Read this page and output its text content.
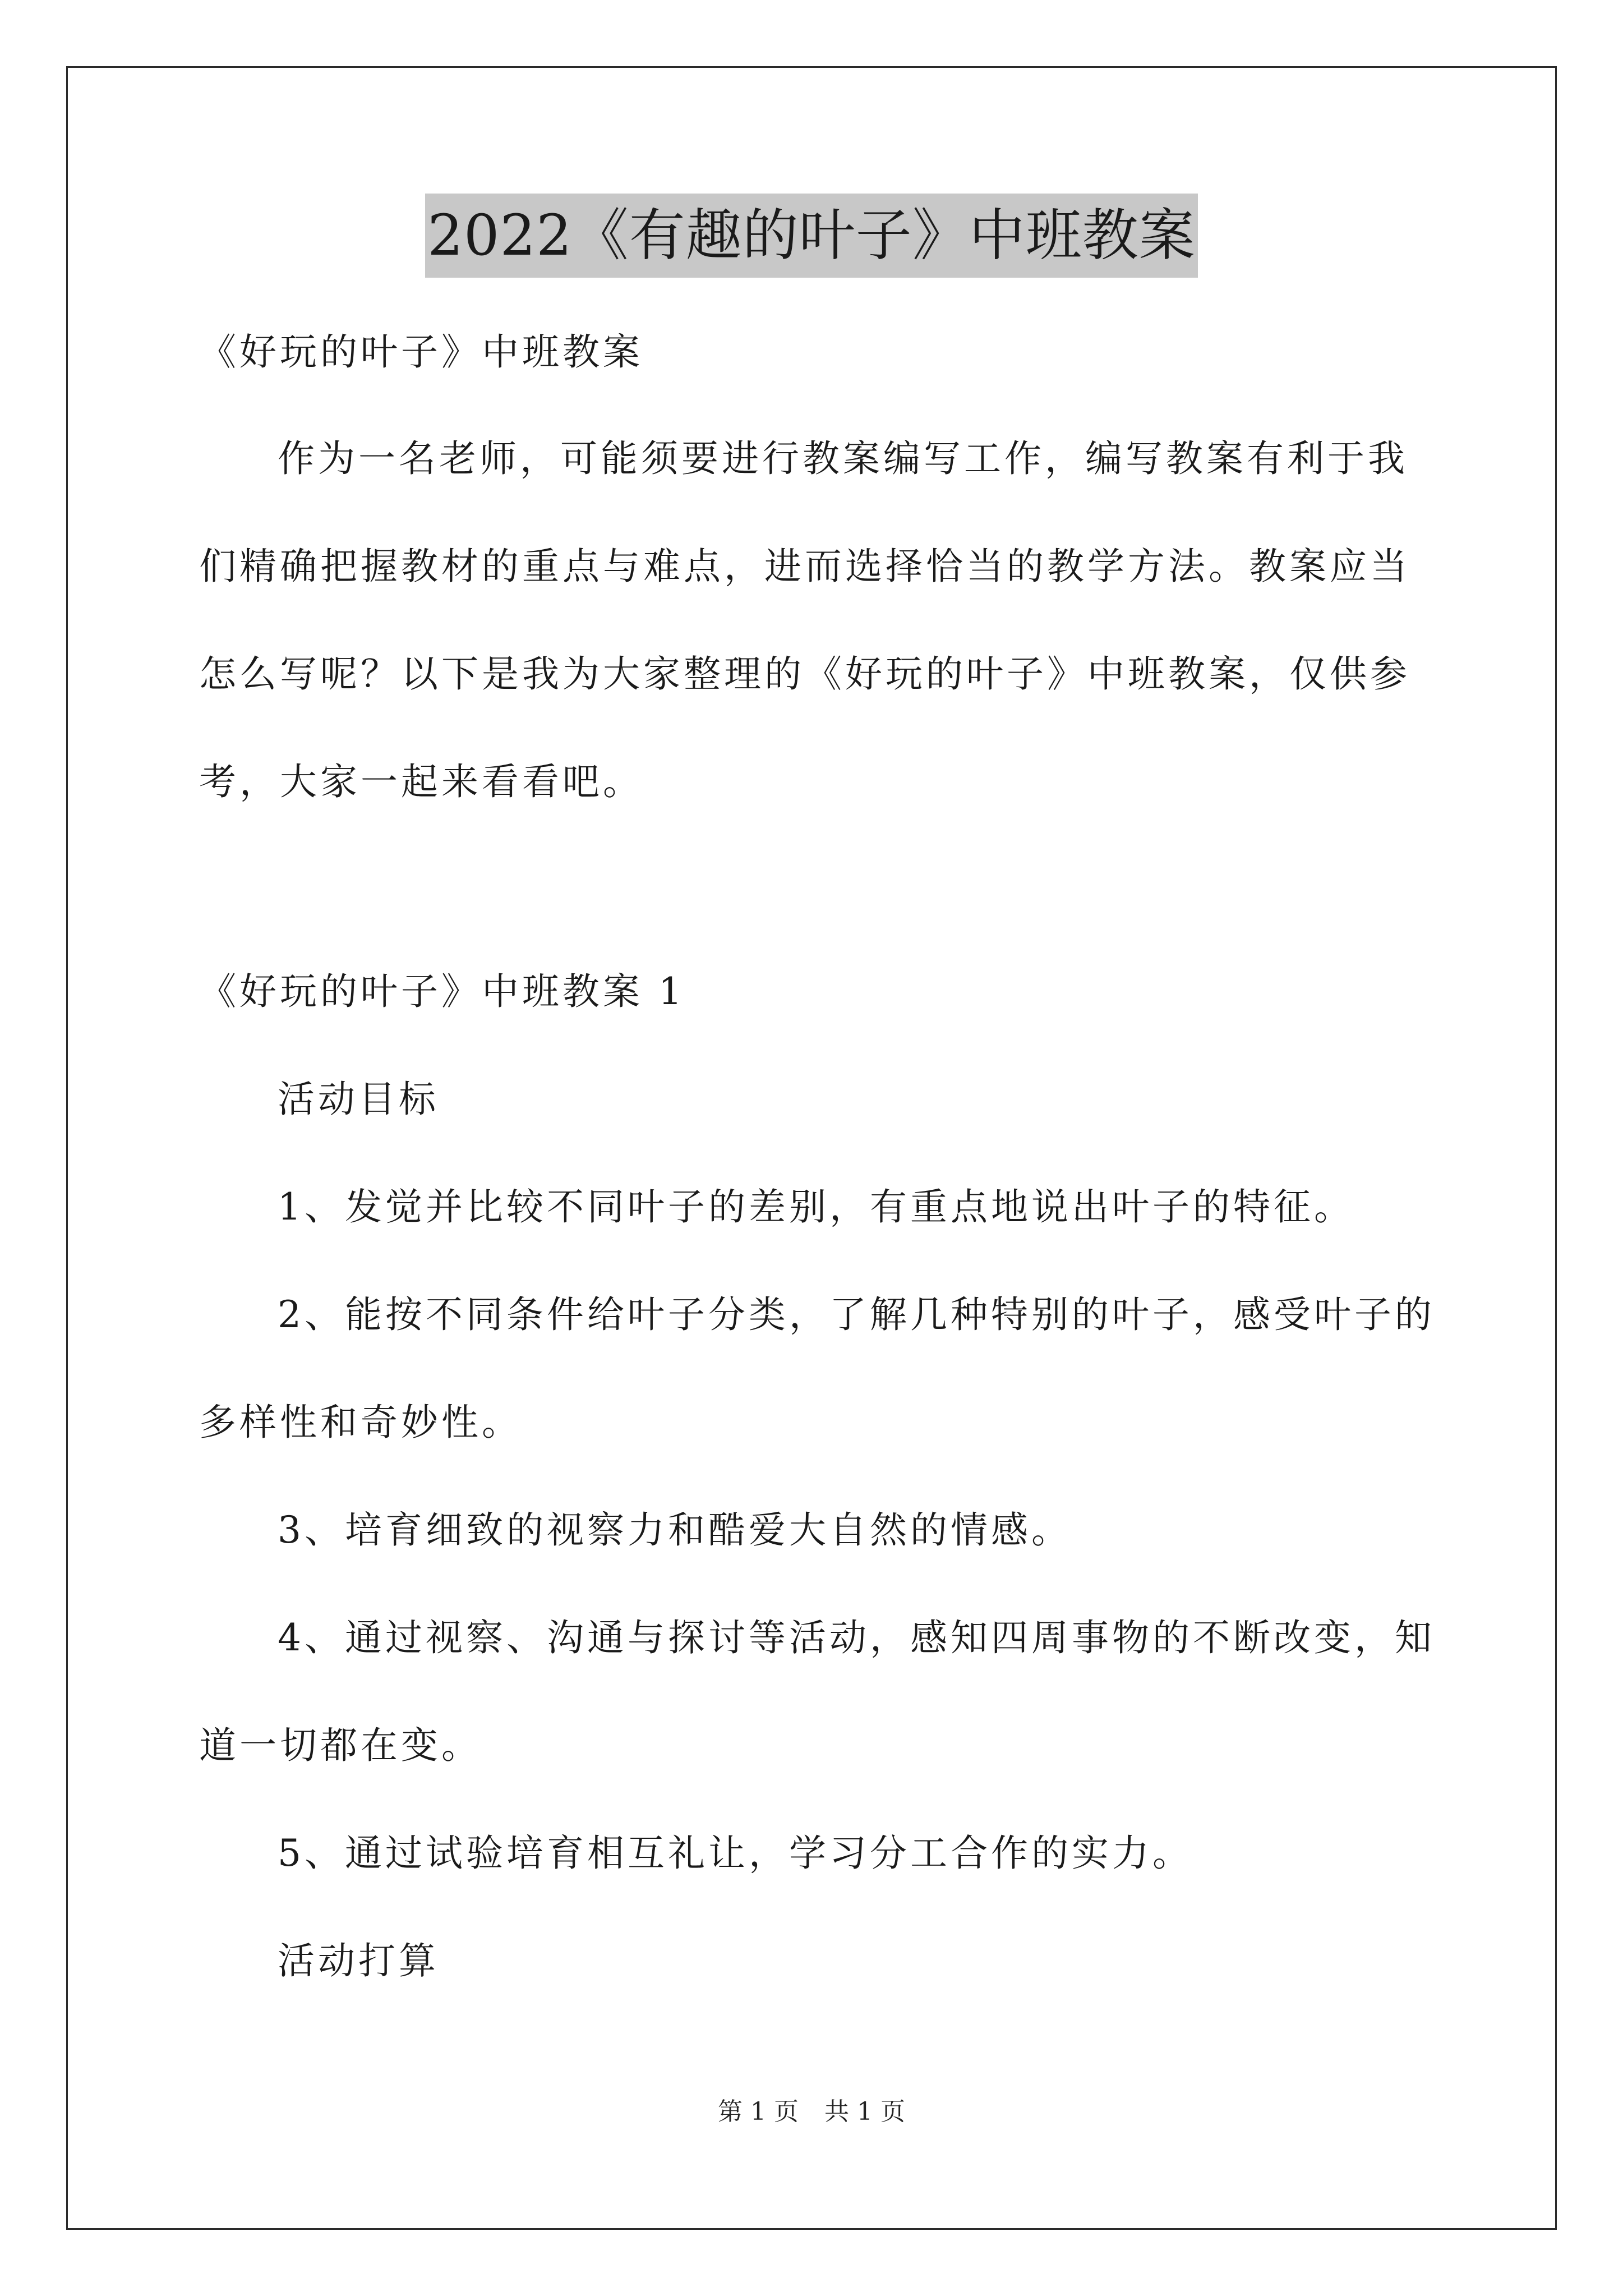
2022《有趣的叶子》中班教案
《好玩的叶子》中班教案
作为一名老师，可能须要进行教案编写工作，编写教案有利于我
们精确把握教材的重点与难点，进而选择恰当的教学方法。教案应当
怎么写呢？以下是我为大家整理的《好玩的叶子》中班教案，仅供参
考，大家一起来看看吧。
《好玩的叶子》中班教案 1
活动目标
1、发觉并比较不同叶子的差别，有重点地说出叶子的特征。
2、能按不同条件给叶子分类，了解几种特别的叶子，感受叶子的
多样性和奇妙性。
3、培育细致的视察力和酷爱大自然的情感。
4、通过视察、沟通与探讨等活动，感知四周事物的不断改变，知
道一切都在变。
5、通过试验培育相互礼让，学习分工合作的实力。
活动打算
第 1 页 共 1 页
